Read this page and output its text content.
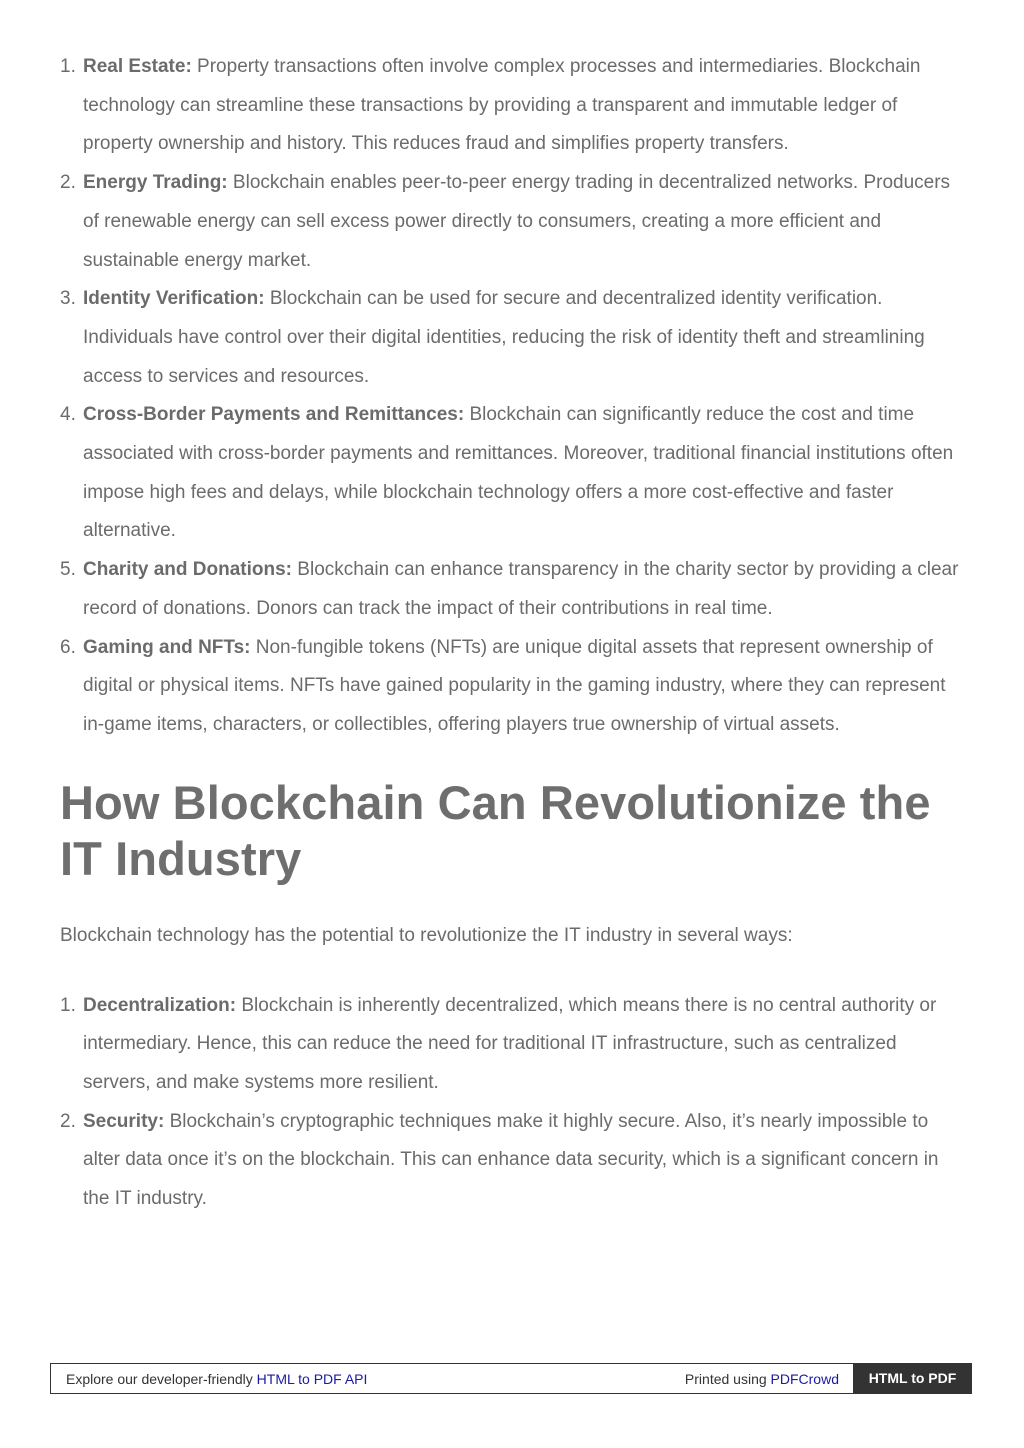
1. Real Estate: Property transactions often involve complex processes and intermediaries. Blockchain technology can streamline these transactions by providing a transparent and immutable ledger of property ownership and history. This reduces fraud and simplifies property transfers.
2. Energy Trading: Blockchain enables peer-to-peer energy trading in decentralized networks. Producers of renewable energy can sell excess power directly to consumers, creating a more efficient and sustainable energy market.
3. Identity Verification: Blockchain can be used for secure and decentralized identity verification. Individuals have control over their digital identities, reducing the risk of identity theft and streamlining access to services and resources.
4. Cross-Border Payments and Remittances: Blockchain can significantly reduce the cost and time associated with cross-border payments and remittances. Moreover, traditional financial institutions often impose high fees and delays, while blockchain technology offers a more cost-effective and faster alternative.
5. Charity and Donations: Blockchain can enhance transparency in the charity sector by providing a clear record of donations. Donors can track the impact of their contributions in real time.
6. Gaming and NFTs: Non-fungible tokens (NFTs) are unique digital assets that represent ownership of digital or physical items. NFTs have gained popularity in the gaming industry, where they can represent in-game items, characters, or collectibles, offering players true ownership of virtual assets.
How Blockchain Can Revolutionize the IT Industry

Blockchain technology has the potential to revolutionize the IT industry in several ways:

1. Decentralization: Blockchain is inherently decentralized, which means there is no central authority or intermediary. Hence, this can reduce the need for traditional IT infrastructure, such as centralized servers, and make systems more resilient.
2. Security: Blockchain’s cryptographic techniques make it highly secure. Also, it’s nearly impossible to alter data once it’s on the blockchain. This can enhance data security, which is a significant concern in the IT industry.
Explore our developer-friendly HTML to PDF API	Printed using PDFCrowd	HTML to PDF
